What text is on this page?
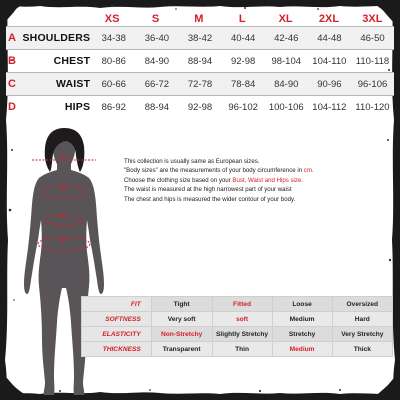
XS	S	M	L	XL	2XL	3XL
A SHOULDERS	34-38	36-40	38-42	40-44	42-46	44-48	46-50
B	CHEST	80-86	84-90	88-94	92-98	98-104	104-110 110-118
C	WAIST	60-66	66-72	72-78	78-84	84-90	90-96	96-106
D	HIPS	86-92	88-94	92-98	96-102	100-106 104-112 110-120
A
B
C
D
This collection is usually same as European sizes.
"Body sizes" are the measurements of your body circumference in cm.
Choose the clothing size based on your Bust, Waist and Hips size.
The waist is measured at the high narrowest part of your waist
The chest and hips is measured the wider contour of your body.
FIT	Tight	Fitted	Loose	Oversized
SOFTNESS	Very soft	soft	Medium	Hard
ELASTICITY	Non-Stretchy	Slightly Stretchy	Stretchy	Very Stretchy
THICKNESS	Transparent	Thin	Medium	Thick
